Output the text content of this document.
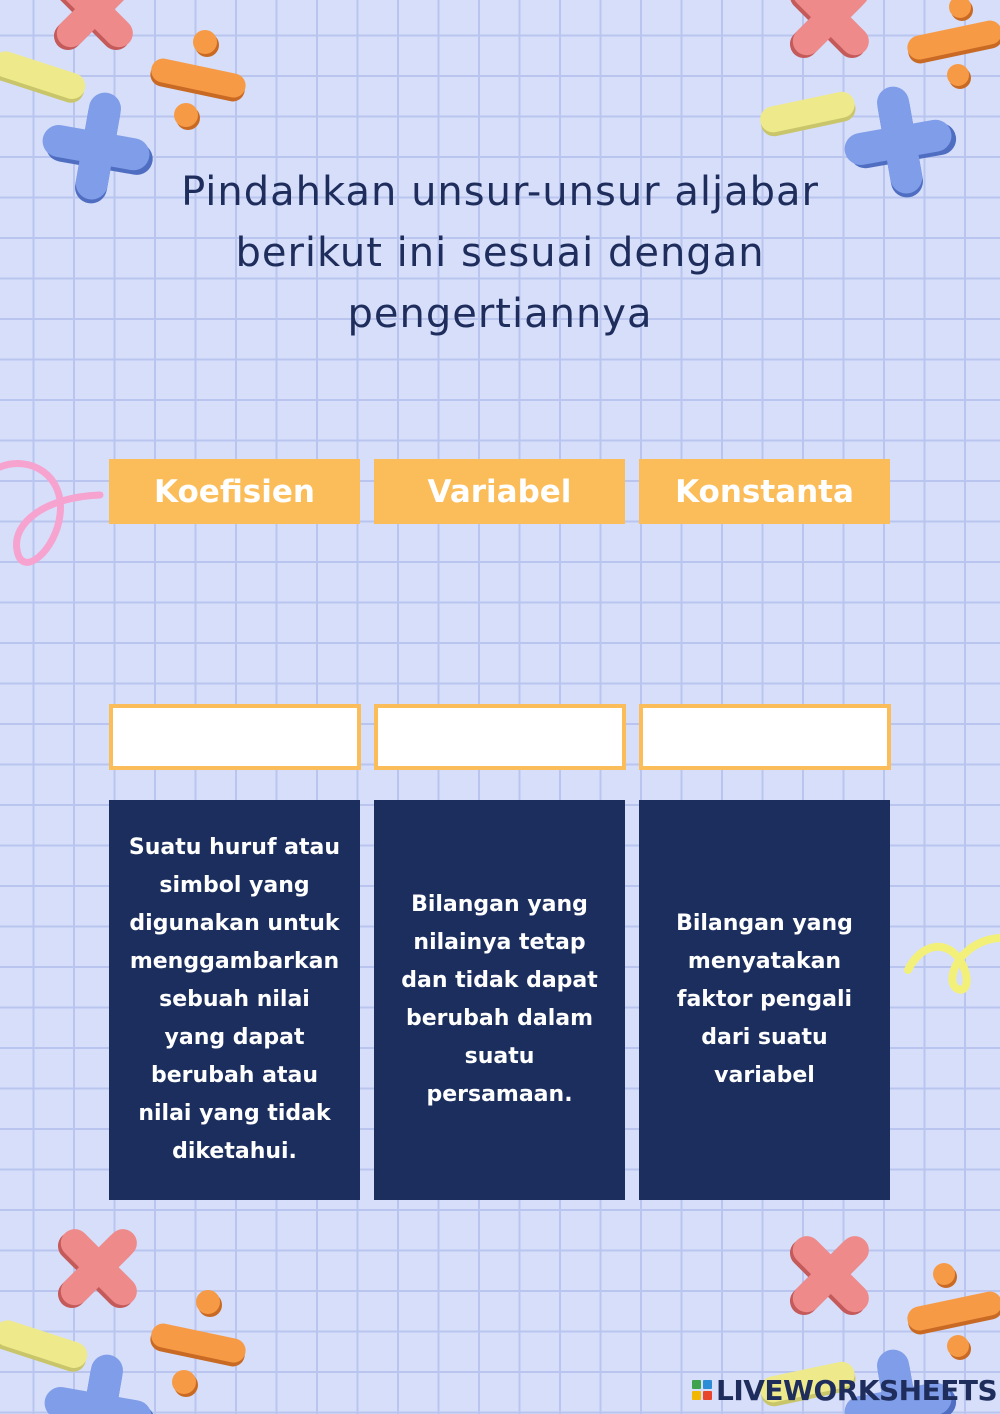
Pindahkan unsur-unsur aljabar
berikut ini sesuai dengan
pengertiannya
Koefisien	Variabel	Konstanta
Suatu huruf atau simbol yang digunakan untuk menggambarkan sebuah nilai yang dapat berubah atau nilai yang tidak diketahui.
Bilangan yang nilainya tetap dan tidak dapat berubah dalam suatu persamaan.
Bilangan yang menyatakan faktor pengali dari suatu variabel
LIVEWORKSHEETS
